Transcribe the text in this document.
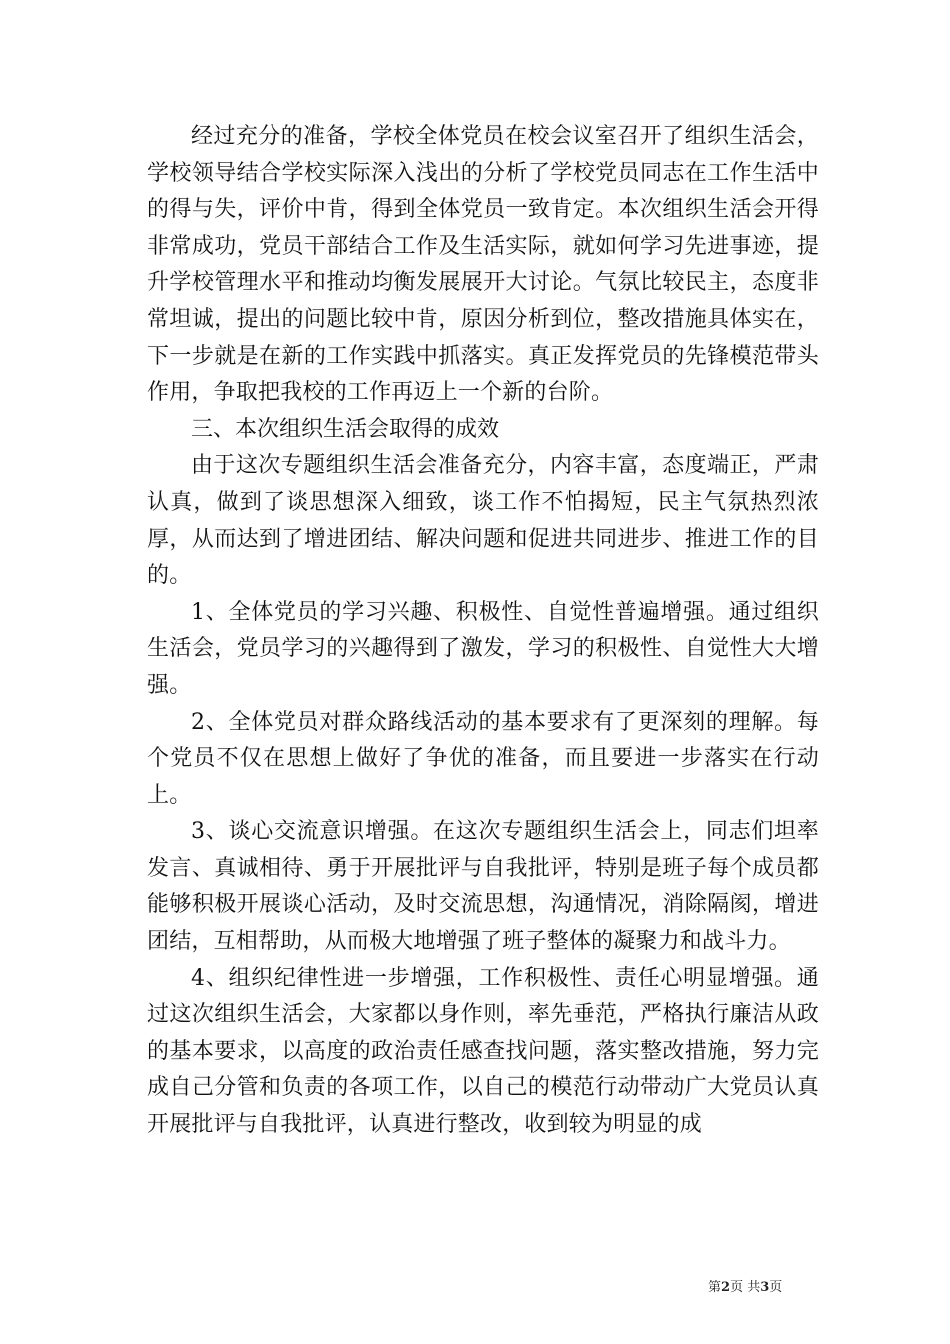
经过充分的准备，学校全体党员在校会议室召开了组织生活会，学校领导结合学校实际深入浅出的分析了学校党员同志在工作生活中的得与失，评价中肯，得到全体党员一致肯定。本次组织生活会开得非常成功，党员干部结合工作及生活实际，就如何学习先进事迹，提升学校管理水平和推动均衡发展展开大讨论。气氛比较民主，态度非常坦诚，提出的问题比较中肯，原因分析到位，整改措施具体实在，下一步就是在新的工作实践中抓落实。真正发挥党员的先锋模范带头作用，争取把我校的工作再迈上一个新的台阶。

三、本次组织生活会取得的成效

由于这次专题组织生活会准备充分，内容丰富，态度端正，严肃认真，做到了谈思想深入细致，谈工作不怕揭短，民主气氛热烈浓厚，从而达到了增进团结、解决问题和促进共同进步、推进工作的目的。

1、全体党员的学习兴趣、积极性、自觉性普遍增强。通过组织生活会，党员学习的兴趣得到了激发，学习的积极性、自觉性大大增强。

2、全体党员对群众路线活动的基本要求有了更深刻的理解。每个党员不仅在思想上做好了争优的准备，而且要进一步落实在行动上。

3、谈心交流意识增强。在这次专题组织生活会上，同志们坦率发言、真诚相待、勇于开展批评与自我批评，特别是班子每个成员都能够积极开展谈心活动，及时交流思想，沟通情况，消除隔阂，增进团结，互相帮助，从而极大地增强了班子整体的凝聚力和战斗力。

4、组织纪律性进一步增强，工作积极性、责任心明显增强。通过这次组织生活会，大家都以身作则，率先垂范，严格执行廉洁从政的基本要求，以高度的政治责任感查找问题，落实整改措施，努力完成自己分管和负责的各项工作，以自己的模范行动带动广大党员认真开展批评与自我批评，认真进行整改，收到较为明显的成

第2页 共3页
